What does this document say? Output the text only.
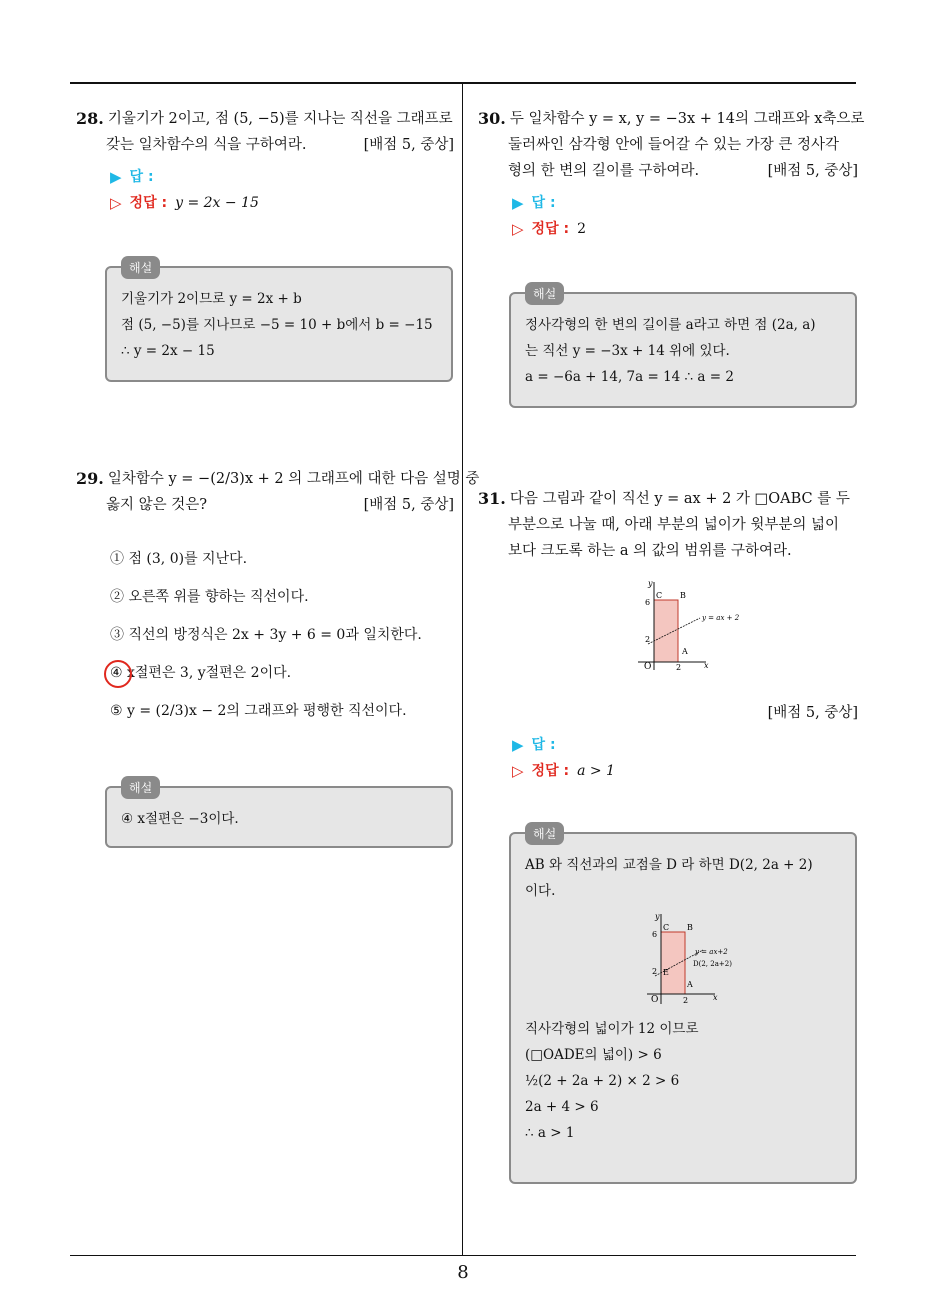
28. 기울기가 2이고, 점 (5, −5)를 지나는 직선을 그래프로
갖는 일차함수의 식을 구하여라.	[배점 5, 중상]
▶ 답 :
▷ 정답 : y = 2x − 15
해설
기울기가 2이므로 y = 2x + b
점 (5, −5)를 지나므로 −5 = 10 + b에서 b = −15
∴ y = 2x − 15
29. 일차함수 y = −(2/3)x + 2 의 그래프에 대한 다음 설명 중
옳지 않은 것은?	[배점 5, 중상]
① 점 (3, 0)를 지난다.
② 오른쪽 위를 향하는 직선이다.
③ 직선의 방정식은 2x + 3y + 6 = 0과 일치한다.
④ x절편은 3, y절편은 2이다.
⑤ y = (2/3)x − 2의 그래프와 평행한 직선이다.
해설
④ x절편은 −3이다.
30. 두 일차함수 y = x, y = −3x + 14의 그래프와 x축으로
둘러싸인 삼각형 안에 들어갈 수 있는 가장 큰 정사각
형의 한 변의 길이를 구하여라.	[배점 5, 중상]
▶ 답 :
▷ 정답 : 2
해설
정사각형의 한 변의 길이를 a라고 하면 점 (2a, a)
는 직선 y = −3x + 14 위에 있다.
a = −6a + 14, 7a = 14 ∴ a = 2
31. 다음 그림과 같이 직선 y = ax + 2 가 □OABC 를 두
부분으로 나눌 때, 아래 부분의 넓이가 윗부분의 넓이
보다 크도록 하는 a 의 값의 범위를 구하여라.
y
x
O
6
2
2
C B
A
y = ax + 2
[배점 5, 중상]
▶ 답 :
▷ 정답 : a > 1
해설
AB 와 직선과의 교점을 D 라 하면 D(2, 2a + 2)
이다.
y
x
O
6
2
2
C B
A
E
y = ax+2
D(2, 2a+2)
직사각형의 넓이가 12 이므로
(□OADE의 넓이) > 6
½(2 + 2a + 2) × 2 > 6
2a + 4 > 6
∴ a > 1
8
